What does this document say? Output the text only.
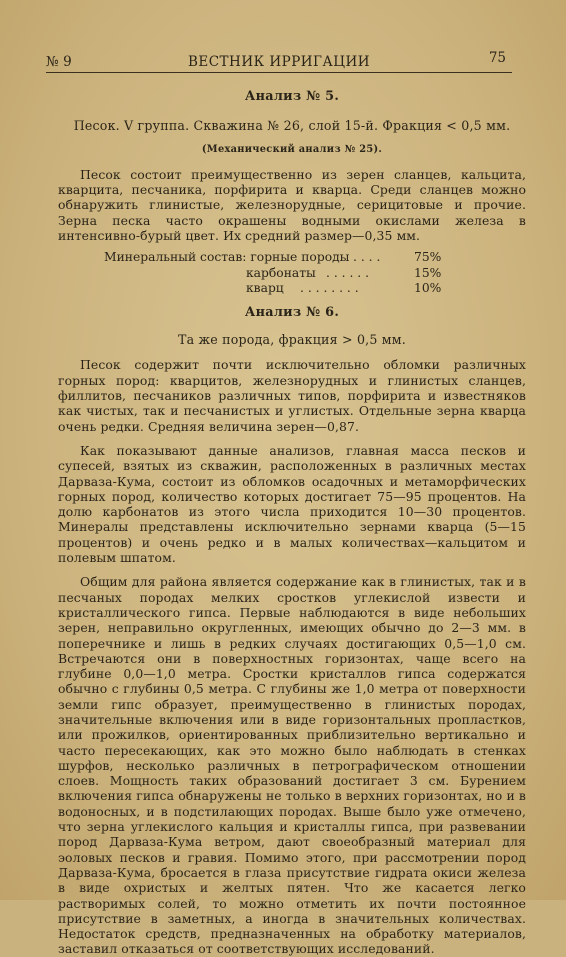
№ 9	ВЕСТНИК ИРРИГАЦИИ	75

Анализ № 5.

Песок. V группа. Скважина № 26, слой 15-й. Фракция < 0,5 мм.

(Механический анализ № 25).

Песок состоит преимущественно из зерен сланцев, кальцита, кварцита, песчаника, порфирита и кварца. Среди сланцев можно обнаружить глинистые, железнорудные, серицитовые и прочие. Зерна песка часто окрашены водными окислами железа в интенсивно-бурый цвет. Их средний размер—0,35 мм.

Минеральный состав: горные породы . . . .	75%
карбонаты . . . . . .	15%
кварц . . . . . . . .	10%

Анализ № 6.

Та же порода, фракция > 0,5 мм.

Песок содержит почти исключительно обломки различных горных пород: кварцитов, железнорудных и глинистых сланцев, филлитов, песчаников различных типов, порфирита и известняков как чистых, так и песчанистых и углистых. Отдельные зерна кварца очень редки. Средняя величина зерен—0,87.

Как показывают данные анализов, главная масса песков и супесей, взятых из скважин, расположенных в различных местах Дарваза-Кума, состоит из обломков осадочных и метаморфических горных пород, количество которых достигает 75—95 процентов. На долю карбонатов из этого числа приходится 10—30 процентов. Минералы представлены исключительно зернами кварца (5—15 процентов) и очень редко и в малых количествах—кальцитом и полевым шпатом.

Общим для района является содержание как в глинистых, так и в песчаных породах мелких сростков углекислой извести и кристаллического гипса. Первые наблюдаются в виде небольших зерен, неправильно округленных, имеющих обычно до 2—3 мм. в поперечнике и лишь в редких случаях достигающих 0,5—1,0 см. Встречаются они в поверхностных горизонтах, чаще всего на глубине 0,0—1,0 метра. Сростки кристаллов гипса содержатся обычно с глубины 0,5 метра. С глубины же 1,0 метра от поверхности земли гипс образует, преимущественно в глинистых породах, значительные включения или в виде горизонтальных пропластков, или прожилков, ориентированных приблизительно вертикально и часто пересекающих, как это можно было наблюдать в стенках шурфов, несколько различных в петрографическом отношении слоев. Мощность таких образований достигает 3 см. Бурением включения гипса обнаружены не только в верхних горизонтах, но и в водоносных, и в подстилающих породах. Выше было уже отмечено, что зерна углекислого кальция и кристаллы гипса, при развевании пород Дарваза-Кума ветром, дают своеобразный материал для эоловых песков и гравия. Помимо этого, при рассмотрении пород Дарваза-Кума, бросается в глаза присутствие гидрата окиси железа в виде охристых и желтых пятен. Что же касается легко растворимых солей, то можно отметить их почти постоянное присутствие в заметных, а иногда в значительных количествах. Недостаток средств, предназначенных на обработку материалов, заставил отказаться от соответствующих исследований.
